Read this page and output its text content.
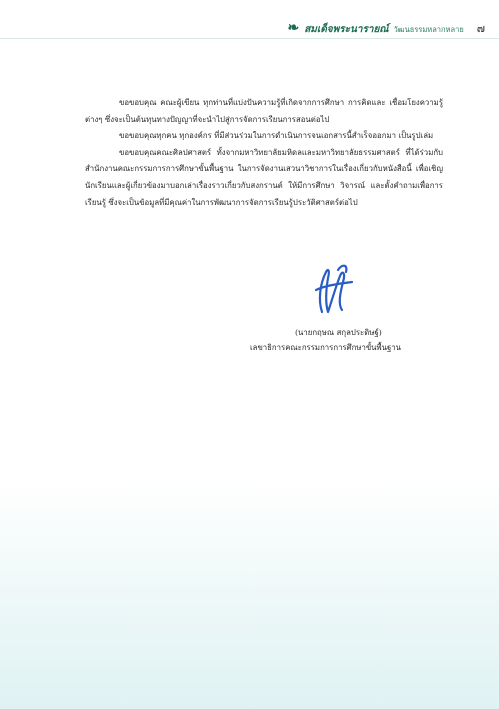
❧ สมเด็จพระนารายณ์ วัฒนธรรมหลากหลาย ๗

ขอขอบคุณ คณะผู้เขียน ทุกท่านที่แบ่งปันความรู้ที่เกิดจากการศึกษา การคิดและ เชื่อมโยงความรู้ต่างๆ ซึ่งจะเป็นต้นทุนทางปัญญาที่จะนำไปสู่การจัดการเรียนการสอนต่อไป

ขอขอบคุณทุกคน ทุกองค์กร ที่มีส่วนร่วมในการดำเนินการจนเอกสารนี้สำเร็จออกมา เป็นรูปเล่ม

ขอขอบคุณคณะศิลปศาสตร์ ทั้งจากมหาวิทยาลัยมหิดลและมหาวิทยาลัยธรรมศาสตร์ ที่ได้ร่วมกับสำนักงานคณะกรรมการการศึกษาขั้นพื้นฐาน ในการจัดงานเสวนาวิชาการในเรื่องเกี่ยวกับหนังสือนี้ เพื่อเชิญนักเรียนและผู้เกี่ยวข้องมาบอกเล่าเรื่องราวเกี่ยวกับสงกรานต์ ให้มีการศึกษา วิจารณ์ และตั้งคำถามเพื่อการเรียนรู้ ซึ่งจะเป็นข้อมูลที่มีคุณค่าในการพัฒนาการจัดการเรียนรู้ประวัติศาสตร์ต่อไป

(นายกฤษณ สกุลประดิษฐ์)
เลขาธิการคณะกรรมการการศึกษาขั้นพื้นฐาน
